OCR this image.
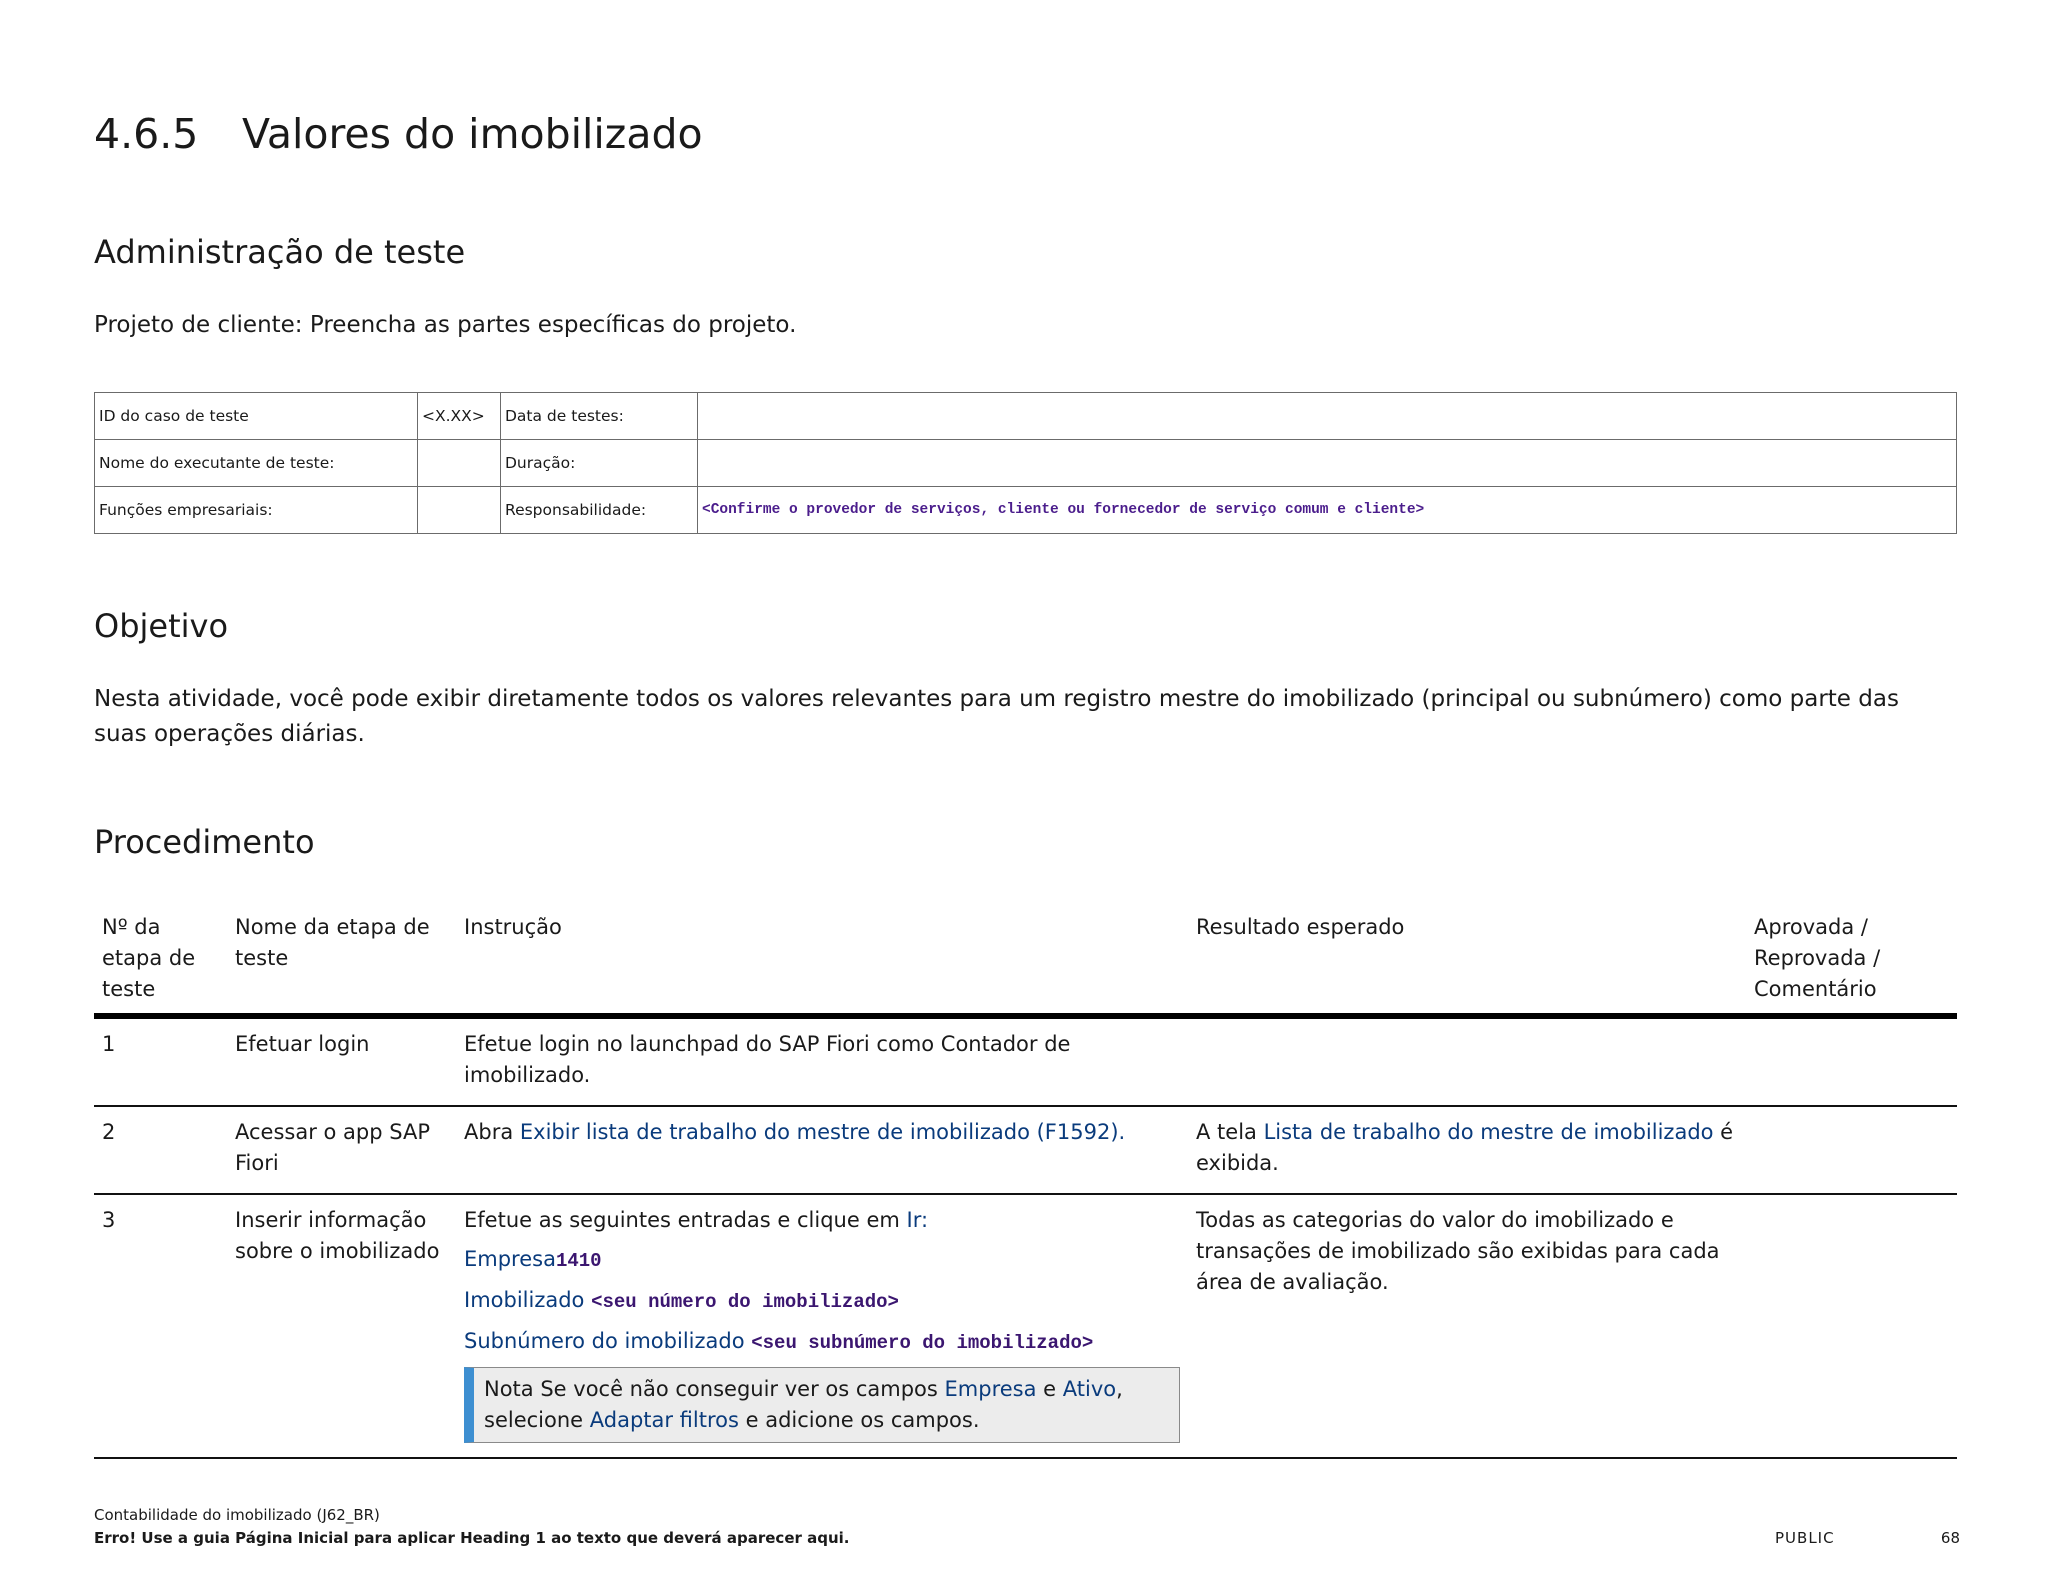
4.6.5 Valores do imobilizado
Administração de teste

Projeto de cliente: Preencha as partes específicas do projeto.

ID do caso de teste	<X.XX>	Data de testes:	
Nome do executante de teste:		Duração:	
Funções empresariais:		Responsabilidade:	<Confirme o provedor de serviços, cliente ou fornecedor de serviço comum e cliente>
Objetivo

Nesta atividade, você pode exibir diretamente todos os valores relevantes para um registro mestre do imobilizado (principal ou subnúmero) como parte das suas operações diárias.

Procedimento
Nº da etapa de teste	Nome da etapa de teste	Instrução	Resultado esperado	Aprovada / Reprovada / Comentário
1	Efetuar login	Efetue login no launchpad do SAP Fiori como Contador de imobilizado.		
2	Acessar o app SAP Fiori	Abra Exibir lista de trabalho do mestre de imobilizado (F1592).	A tela Lista de trabalho do mestre de imobilizado é exibida.	
3	Inserir informação sobre o imobilizado	Efetue as seguintes entradas e clique em Ir:
Empresa1410
Imobilizado <seu número do imobilizado>
Subnúmero do imobilizado <seu subnúmero do imobilizado>
Nota Se você não conseguir ver os campos Empresa e Ativo, selecione Adaptar filtros e adicione os campos.	Todas as categorias do valor do imobilizado e transações de imobilizado são exibidas para cada área de avaliação.	
Contabilidade do imobilizado (J62_BR)
Erro! Use a guia Página Inicial para aplicar Heading 1 ao texto que deverá aparecer aqui.	PUBLIC	68
